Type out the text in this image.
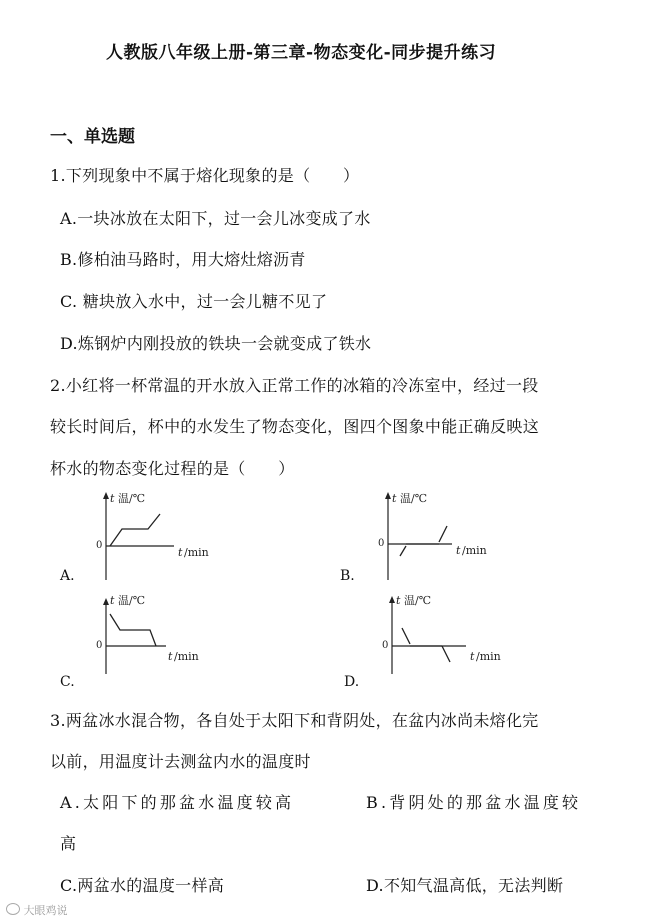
人教版八年级上册-第三章-物态变化-同步提升练习
一、单选题
1.下列现象中不属于熔化现象的是（　　）
A.一块冰放在太阳下，过一会儿冰变成了水
B.修柏油马路时，用大熔灶熔沥青
C. 糖块放入水中，过一会儿糖不见了
D.炼钢炉内刚投放的铁块一会就变成了铁水
2.小红将一杯常温的开水放入正常工作的冰箱的冷冻室中，经过一段
较长时间后，杯中的水发生了物态变化，图四个图象中能正确反映这
杯水的物态变化过程的是（　　）
A.
t 温/℃
0
t /min
B.
t 温/℃
0
t /min
C.
t 温/℃
0
t /min
D.
t 温/℃
0
t /min
3.两盆冰水混合物，各自处于太阳下和背阴处，在盆内冰尚未熔化完
以前，用温度计去测盆内水的温度时
A.太阳下的那盆水温度较高	B.背阴处的那盆水温度较
高
C.两盆水的温度一样高	D.不知气温高低，无法判断
大眼鸡说
